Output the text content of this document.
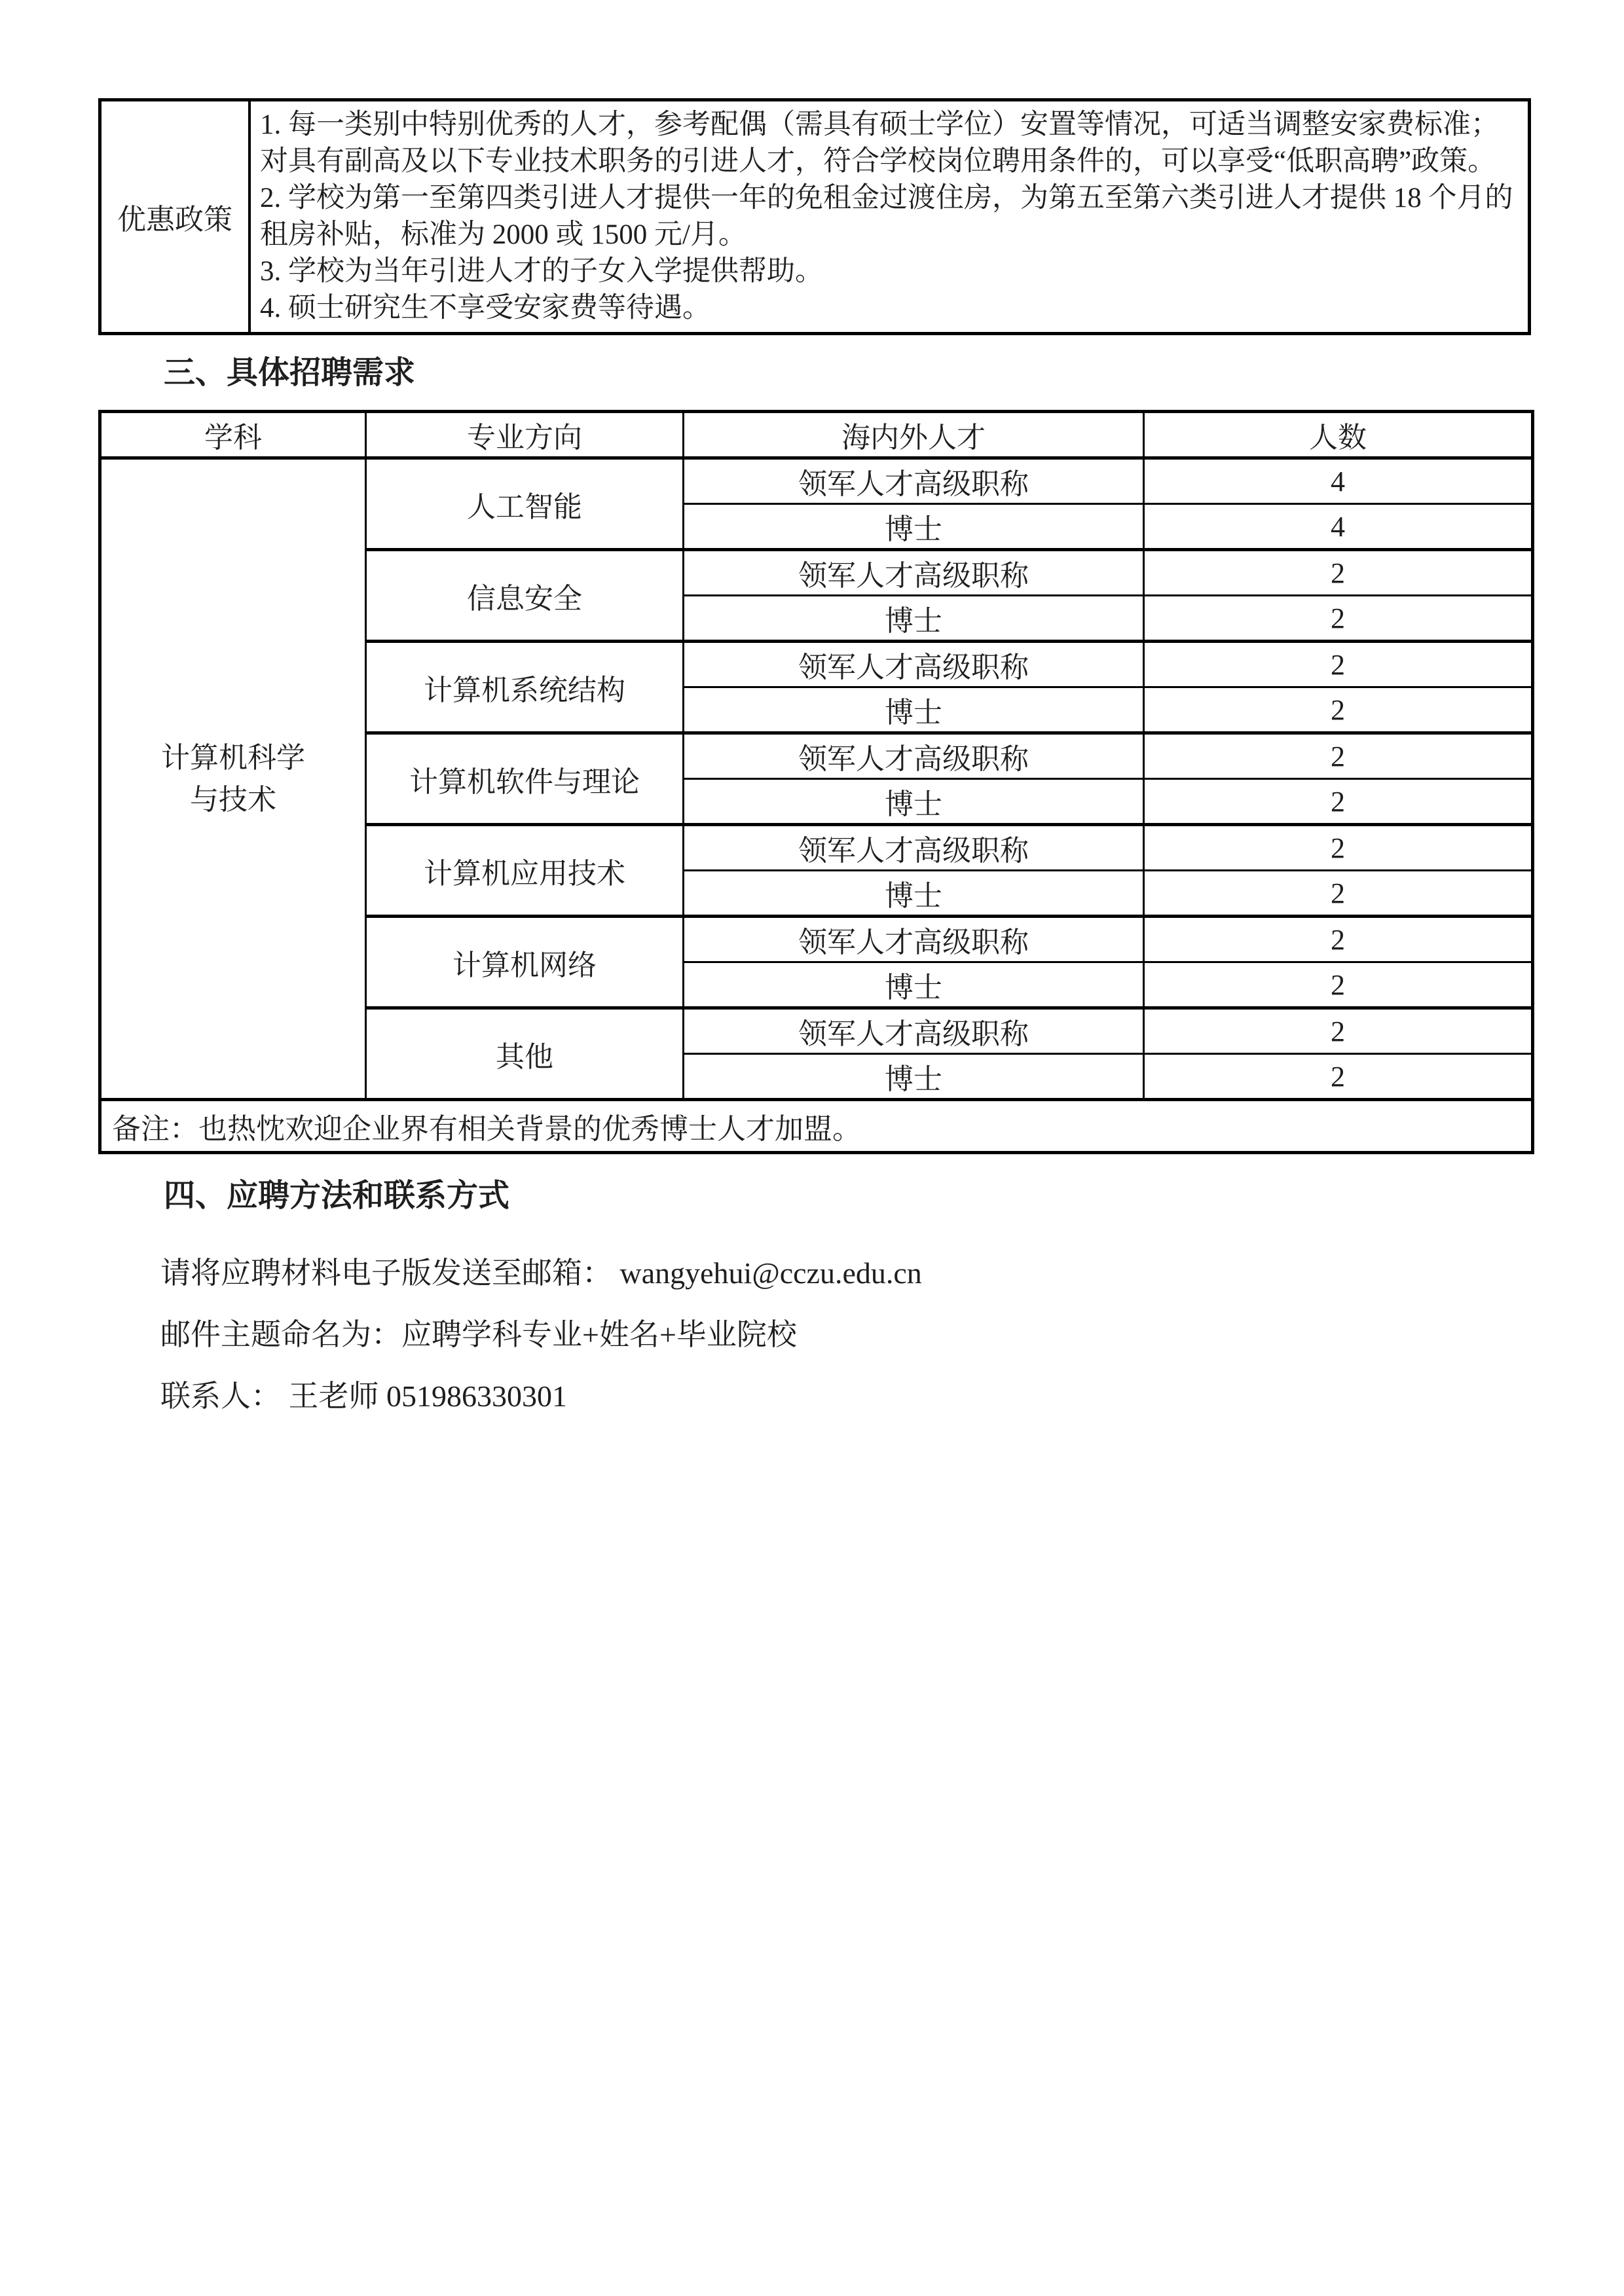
优惠政策	

1. 每一类别中特别优秀的人才，参考配偶（需具有硕士学位）安置等情况，可适当调整安家费标准；对具有副高及以下专业技术职务的引进人才，符合学校岗位聘用条件的，可以享受“低职高聘”政策。

2. 学校为第一至第四类引进人才提供一年的免租金过渡住房，为第五至第六类引进人才提供 18 个月的租房补贴，标准为 2000 或 1500 元/月。

3. 学校为当年引进人才的子女入学提供帮助。

4. 硕士研究生不享受安家费等待遇。

三、具体招聘需求
学科	专业方向	海内外人才	人数
计算机科学
与技术	人工智能	领军人才高级职称	4
		博士	4
	信息安全	领军人才高级职称	2
		博士	2
	计算机系统结构	领军人才高级职称	2
		博士	2
	计算机软件与理论	领军人才高级职称	2
		博士	2
	计算机应用技术	领军人才高级职称	2
		博士	2
	计算机网络	领军人才高级职称	2
		博士	2
	其他	领军人才高级职称	2
		博士	2
备注：也热忱欢迎企业界有相关背景的优秀博士人才加盟。			
四、应聘方法和联系方式

请将应聘材料电子版发送至邮箱： wangyehui@cczu.edu.cn

邮件主题命名为：应聘学科专业+姓名+毕业院校

联系人： 王老师 051986330301
